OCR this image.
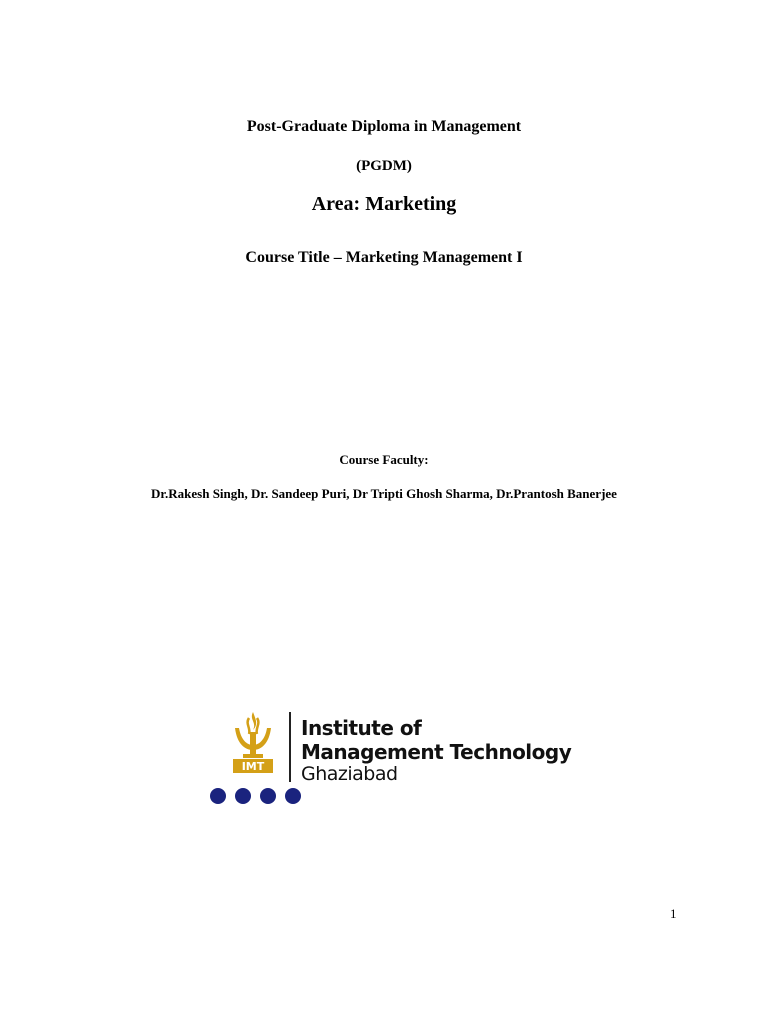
Post-Graduate Diploma in Management
(PGDM)
Area: Marketing
Course Title – Marketing Management I
Course Faculty:
Dr.Rakesh Singh, Dr. Sandeep Puri, Dr Tripti Ghosh Sharma, Dr.Prantosh Banerjee
IMT
Institute of
Management Technology
Ghaziabad
1
